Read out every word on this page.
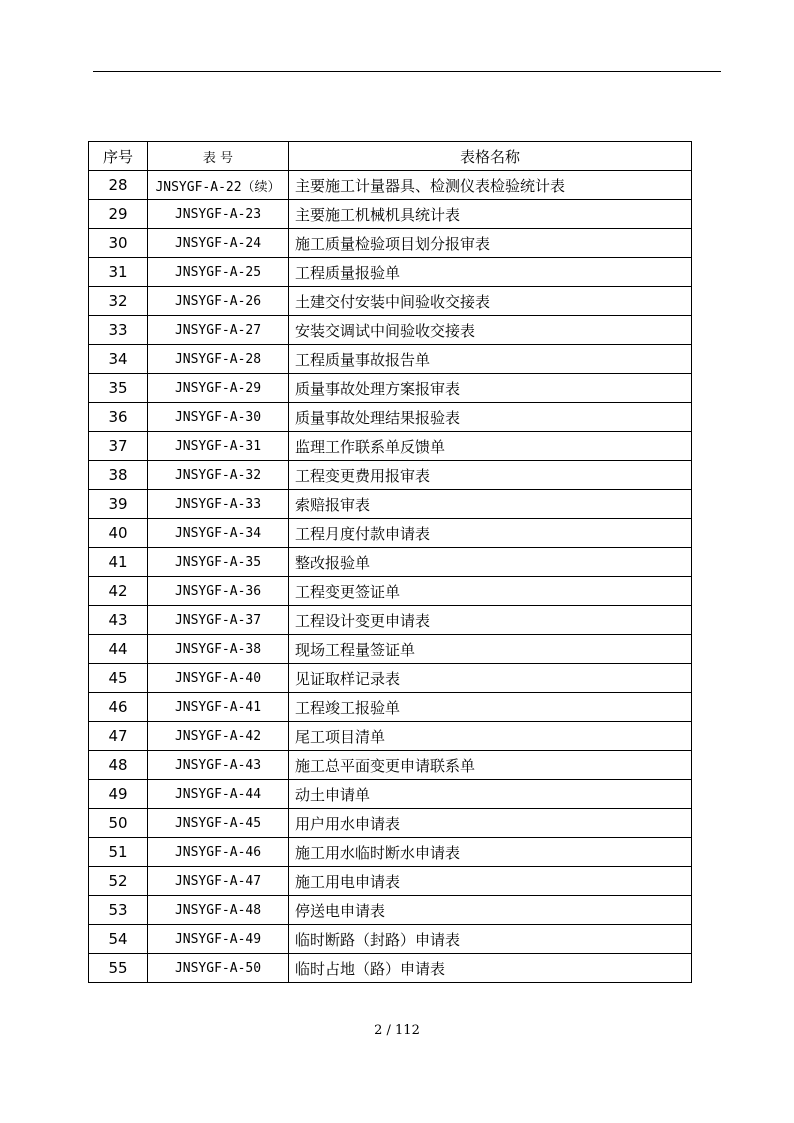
序号	表 号	表格名称
28	JNSYGF-A-22（续）	主要施工计量器具、检测仪表检验统计表
29	JNSYGF-A-23	主要施工机械机具统计表
30	JNSYGF-A-24	施工质量检验项目划分报审表
31	JNSYGF-A-25	工程质量报验单
32	JNSYGF-A-26	土建交付安装中间验收交接表
33	JNSYGF-A-27	安装交调试中间验收交接表
34	JNSYGF-A-28	工程质量事故报告单
35	JNSYGF-A-29	质量事故处理方案报审表
36	JNSYGF-A-30	质量事故处理结果报验表
37	JNSYGF-A-31	监理工作联系单反馈单
38	JNSYGF-A-32	工程变更费用报审表
39	JNSYGF-A-33	索赔报审表
40	JNSYGF-A-34	工程月度付款申请表
41	JNSYGF-A-35	整改报验单
42	JNSYGF-A-36	工程变更签证单
43	JNSYGF-A-37	工程设计变更申请表
44	JNSYGF-A-38	现场工程量签证单
45	JNSYGF-A-40	见证取样记录表
46	JNSYGF-A-41	工程竣工报验单
47	JNSYGF-A-42	尾工项目清单
48	JNSYGF-A-43	施工总平面变更申请联系单
49	JNSYGF-A-44	动土申请单
50	JNSYGF-A-45	用户用水申请表
51	JNSYGF-A-46	施工用水临时断水申请表
52	JNSYGF-A-47	施工用电申请表
53	JNSYGF-A-48	停送电申请表
54	JNSYGF-A-49	临时断路（封路）申请表
55	JNSYGF-A-50	临时占地（路）申请表
2 / 112
